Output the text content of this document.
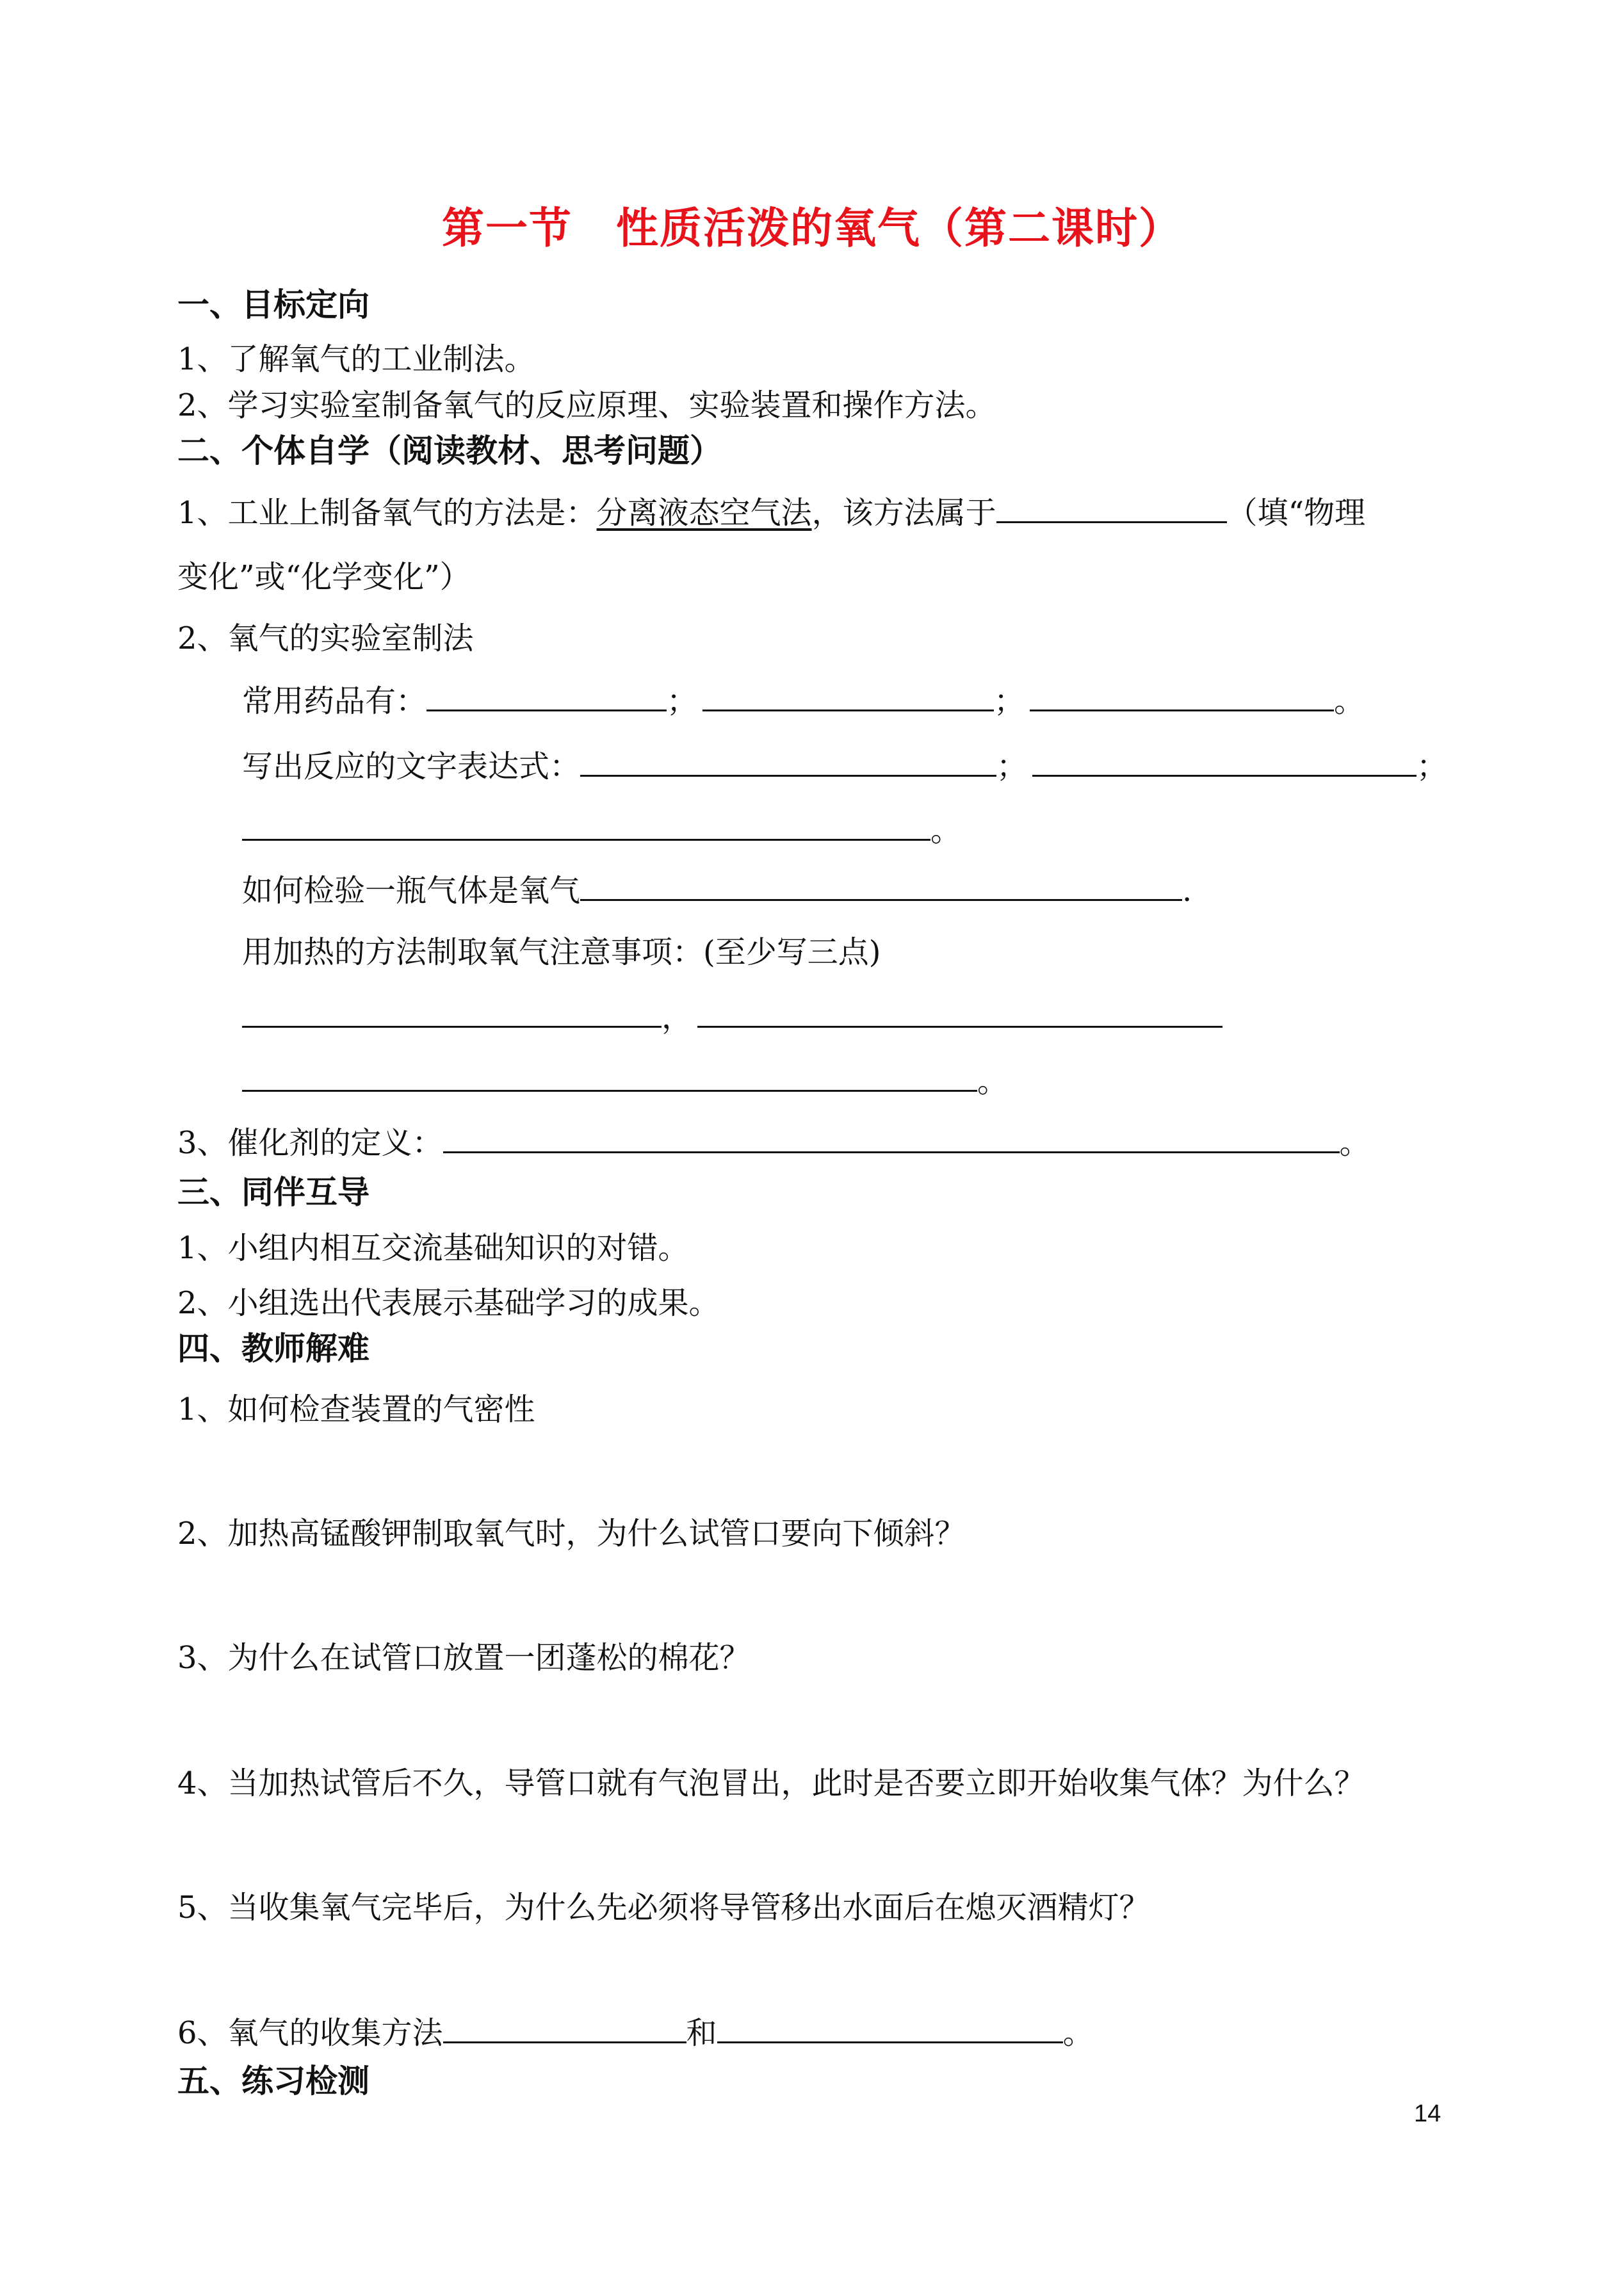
第一节　性质活泼的氧气（第二课时）
一、目标定向
1、了解氧气的工业制法。
2、学习实验室制备氧气的反应原理、实验装置和操作方法。
二、个体自学（阅读教材、思考问题）
1、工业上制备氧气的方法是：分离液态空气法，该方法属于	（填“物理
变化”或“化学变化”）
2、氧气的实验室制法
常用药品有：	；	；	。
写出反应的文字表达式：	；	；
。
如何检验一瓶气体是氧气	.
用加热的方法制取氧气注意事项：(至少写三点)
，
。
3、催化剂的定义：	。
三、同伴互导
1、小组内相互交流基础知识的对错。
2、小组选出代表展示基础学习的成果。
四、教师解难
1、如何检查装置的气密性
2、加热高锰酸钾制取氧气时，为什么试管口要向下倾斜？
3、为什么在试管口放置一团蓬松的棉花？
4、当加热试管后不久，导管口就有气泡冒出，此时是否要立即开始收集气体？为什么？
5、当收集氧气完毕后，为什么先必须将导管移出水面后在熄灭酒精灯？
6、氧气的收集方法	和	。
五、练习检测
14
